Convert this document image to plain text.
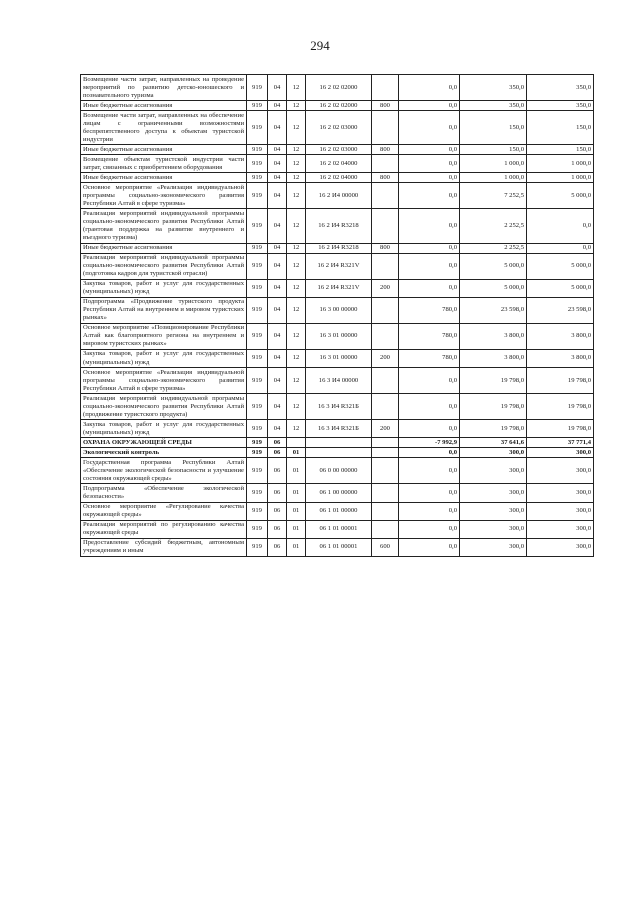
294
Возмещение части затрат, направленных на проведение мероприятий по развитию детско-юношеского и познавательного туризма	919	04	12	16 2 02 02000		0,0	350,0	350,0
Иные бюджетные ассигнования	919	04	12	16 2 02 02000	800	0,0	350,0	350,0
Возмещение части затрат, направленных на обеспечение лицам с ограниченными возможностями беспрепятственного доступа к объектам туристской индустрии	919	04	12	16 2 02 03000		0,0	150,0	150,0
Иные бюджетные ассигнования	919	04	12	16 2 02 03000	800	0,0	150,0	150,0
Возмещение объектам туристской индустрии части затрат, связанных с приобретением оборудования	919	04	12	16 2 02 04000		0,0	1 000,0	1 000,0
Иные бюджетные ассигнования	919	04	12	16 2 02 04000	800	0,0	1 000,0	1 000,0
Основное мероприятие «Реализация индивидуальной программы социально-экономического развития Республики Алтай в сфере туризма»	919	04	12	16 2 И4 00000		0,0	7 252,5	5 000,0
Реализация мероприятий индивидуальной программы социально-экономического развития Республики Алтай (грантовая поддержка на развитие внутреннего и въездного туризма)	919	04	12	16 2 И4 R3218		0,0	2 252,5	0,0
Иные бюджетные ассигнования	919	04	12	16 2 И4 R3218	800	0,0	2 252,5	0,0
Реализация мероприятий индивидуальной программы социально-экономического развития Республики Алтай (подготовка кадров для туристской отрасли)	919	04	12	16 2 И4 R321V		0,0	5 000,0	5 000,0
Закупка товаров, работ и услуг для государственных (муниципальных) нужд	919	04	12	16 2 И4 R321V	200	0,0	5 000,0	5 000,0
Подпрограмма «Продвижение туристского продукта Республики Алтай на внутреннем и мировом туристских рынках»	919	04	12	16 3 00 00000		780,0	23 598,0	23 598,0
Основное мероприятие «Позиционирование Республики Алтай как благоприятного региона на внутреннем и мировом туристских рынках»	919	04	12	16 3 01 00000		780,0	3 800,0	3 800,0
Закупка товаров, работ и услуг для государственных (муниципальных) нужд	919	04	12	16 3 01 00000	200	780,0	3 800,0	3 800,0
Основное мероприятие «Реализация индивидуальной программы социально-экономического развития Республики Алтай в сфере туризма»	919	04	12	16 3 И4 00000		0,0	19 798,0	19 798,0
Реализация мероприятий индивидуальной программы социально-экономического развития Республики Алтай (продвижение туристского продукта)	919	04	12	16 3 И4 R321Б		0,0	19 798,0	19 798,0
Закупка товаров, работ и услуг для государственных (муниципальных) нужд	919	04	12	16 3 И4 R321Б	200	0,0	19 798,0	19 798,0
ОХРАНА ОКРУЖАЮЩЕЙ СРЕДЫ	919	06				-7 992,9	37 641,6	37 771,4
Экологический контроль	919	06	01			0,0	300,0	300,0
Государственная программа Республики Алтай «Обеспечение экологической безопасности и улучшение состояния окружающей среды»	919	06	01	06 0 00 00000		0,0	300,0	300,0
Подпрограмма «Обеспечение экологической безопасности»	919	06	01	06 1 00 00000		0,0	300,0	300,0
Основное мероприятие «Регулирование качества окружающей среды»	919	06	01	06 1 01 00000		0,0	300,0	300,0
Реализация мероприятий по регулированию качества окружающей среды	919	06	01	06 1 01 00001		0,0	300,0	300,0
Предоставление субсидий бюджетным, автономным учреждениям и иным	919	06	01	06 1 01 00001	600	0,0	300,0	300,0
